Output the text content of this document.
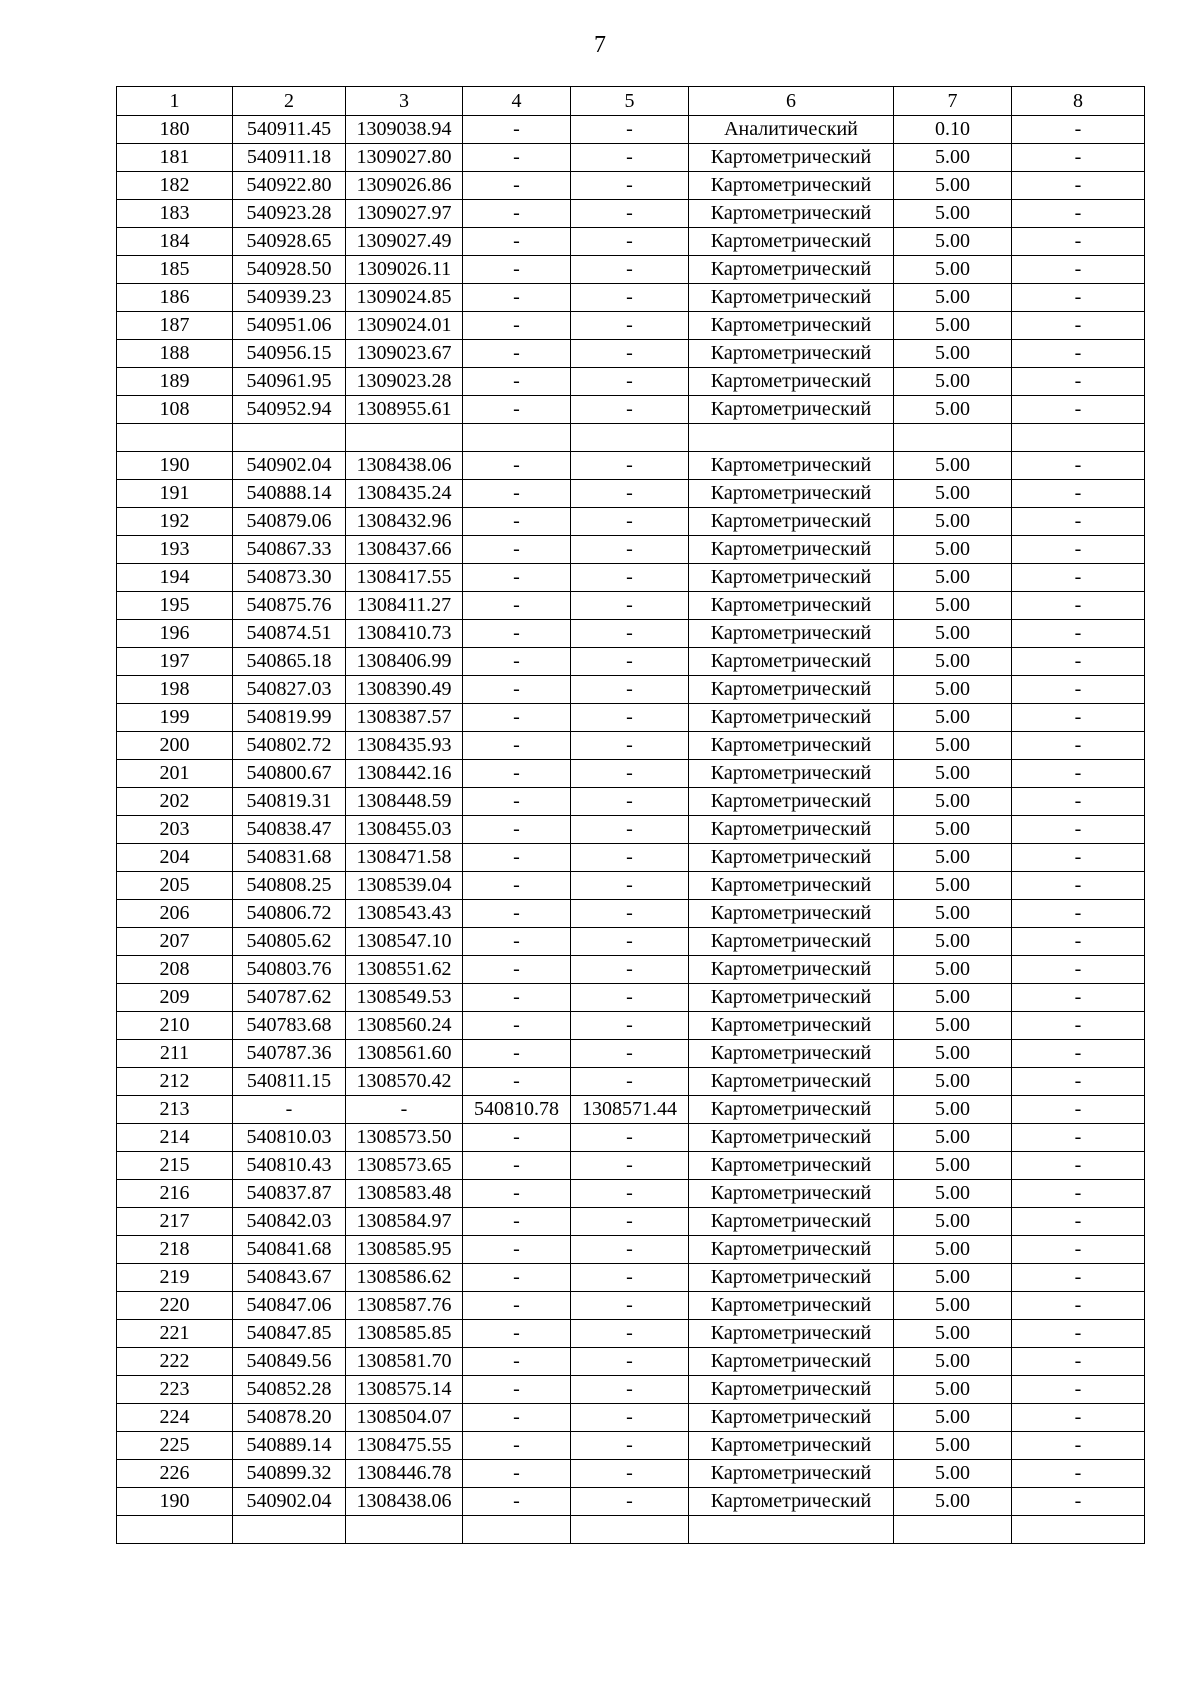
7
1	2	3	4	5	6	7	8
180	540911.45	1309038.94	-	-	Аналитический	0.10	-
181	540911.18	1309027.80	-	-	Картометрический	5.00	-
182	540922.80	1309026.86	-	-	Картометрический	5.00	-
183	540923.28	1309027.97	-	-	Картометрический	5.00	-
184	540928.65	1309027.49	-	-	Картометрический	5.00	-
185	540928.50	1309026.11	-	-	Картометрический	5.00	-
186	540939.23	1309024.85	-	-	Картометрический	5.00	-
187	540951.06	1309024.01	-	-	Картометрический	5.00	-
188	540956.15	1309023.67	-	-	Картометрический	5.00	-
189	540961.95	1309023.28	-	-	Картометрический	5.00	-
108	540952.94	1308955.61	-	-	Картометрический	5.00	-

190	540902.04	1308438.06	-	-	Картометрический	5.00	-
191	540888.14	1308435.24	-	-	Картометрический	5.00	-
192	540879.06	1308432.96	-	-	Картометрический	5.00	-
193	540867.33	1308437.66	-	-	Картометрический	5.00	-
194	540873.30	1308417.55	-	-	Картометрический	5.00	-
195	540875.76	1308411.27	-	-	Картометрический	5.00	-
196	540874.51	1308410.73	-	-	Картометрический	5.00	-
197	540865.18	1308406.99	-	-	Картометрический	5.00	-
198	540827.03	1308390.49	-	-	Картометрический	5.00	-
199	540819.99	1308387.57	-	-	Картометрический	5.00	-
200	540802.72	1308435.93	-	-	Картометрический	5.00	-
201	540800.67	1308442.16	-	-	Картометрический	5.00	-
202	540819.31	1308448.59	-	-	Картометрический	5.00	-
203	540838.47	1308455.03	-	-	Картометрический	5.00	-
204	540831.68	1308471.58	-	-	Картометрический	5.00	-
205	540808.25	1308539.04	-	-	Картометрический	5.00	-
206	540806.72	1308543.43	-	-	Картометрический	5.00	-
207	540805.62	1308547.10	-	-	Картометрический	5.00	-
208	540803.76	1308551.62	-	-	Картометрический	5.00	-
209	540787.62	1308549.53	-	-	Картометрический	5.00	-
210	540783.68	1308560.24	-	-	Картометрический	5.00	-
211	540787.36	1308561.60	-	-	Картометрический	5.00	-
212	540811.15	1308570.42	-	-	Картометрический	5.00	-
213	-	-	540810.78	1308571.44	Картометрический	5.00	-
214	540810.03	1308573.50	-	-	Картометрический	5.00	-
215	540810.43	1308573.65	-	-	Картометрический	5.00	-
216	540837.87	1308583.48	-	-	Картометрический	5.00	-
217	540842.03	1308584.97	-	-	Картометрический	5.00	-
218	540841.68	1308585.95	-	-	Картометрический	5.00	-
219	540843.67	1308586.62	-	-	Картометрический	5.00	-
220	540847.06	1308587.76	-	-	Картометрический	5.00	-
221	540847.85	1308585.85	-	-	Картометрический	5.00	-
222	540849.56	1308581.70	-	-	Картометрический	5.00	-
223	540852.28	1308575.14	-	-	Картометрический	5.00	-
224	540878.20	1308504.07	-	-	Картометрический	5.00	-
225	540889.14	1308475.55	-	-	Картометрический	5.00	-
226	540899.32	1308446.78	-	-	Картометрический	5.00	-
190	540902.04	1308438.06	-	-	Картометрический	5.00	-
